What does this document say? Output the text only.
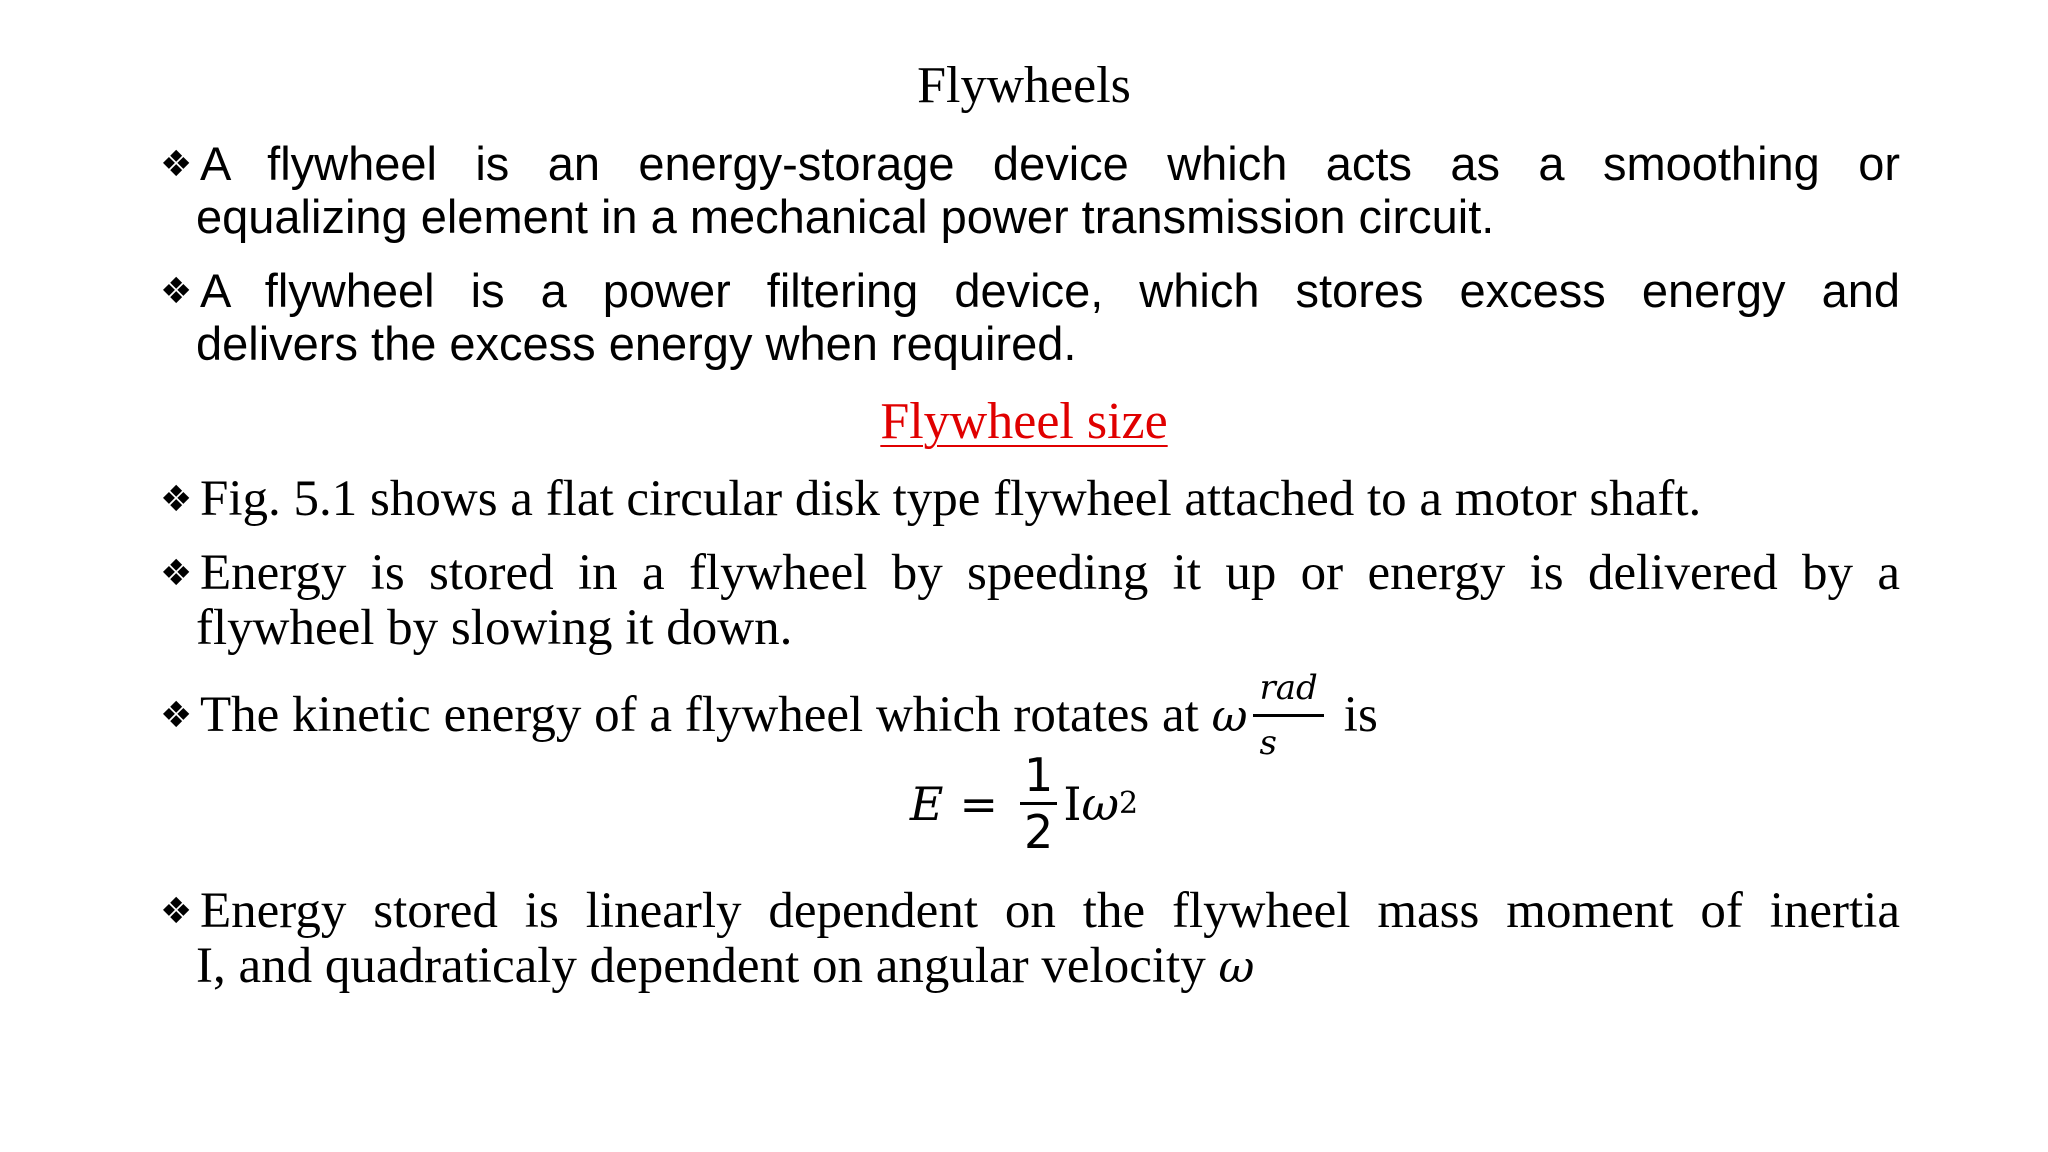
Flywheels
❖ A flywheel is an energy-storage device which acts as a smoothing or
equalizing element in a mechanical power transmission circuit.
❖ A flywheel is a power filtering device, which stores excess energy and
delivers the excess energy when required.
Flywheel size
❖ Fig. 5.1 shows a flat circular disk type flywheel attached to a motor shaft.
❖ Energy is stored in a flywheel by speeding it up or energy is delivered by a
flywheel by slowing it down.
❖ The kinetic energy of a flywheel which rotates at ω $\frac{\text{rad}}{s}$ is
$E = \frac{1}{2}$ I ω 2
❖ Energy stored is linearly dependent on the flywheel mass moment of inertia
I, and quadraticaly dependent on angular velocity ω
